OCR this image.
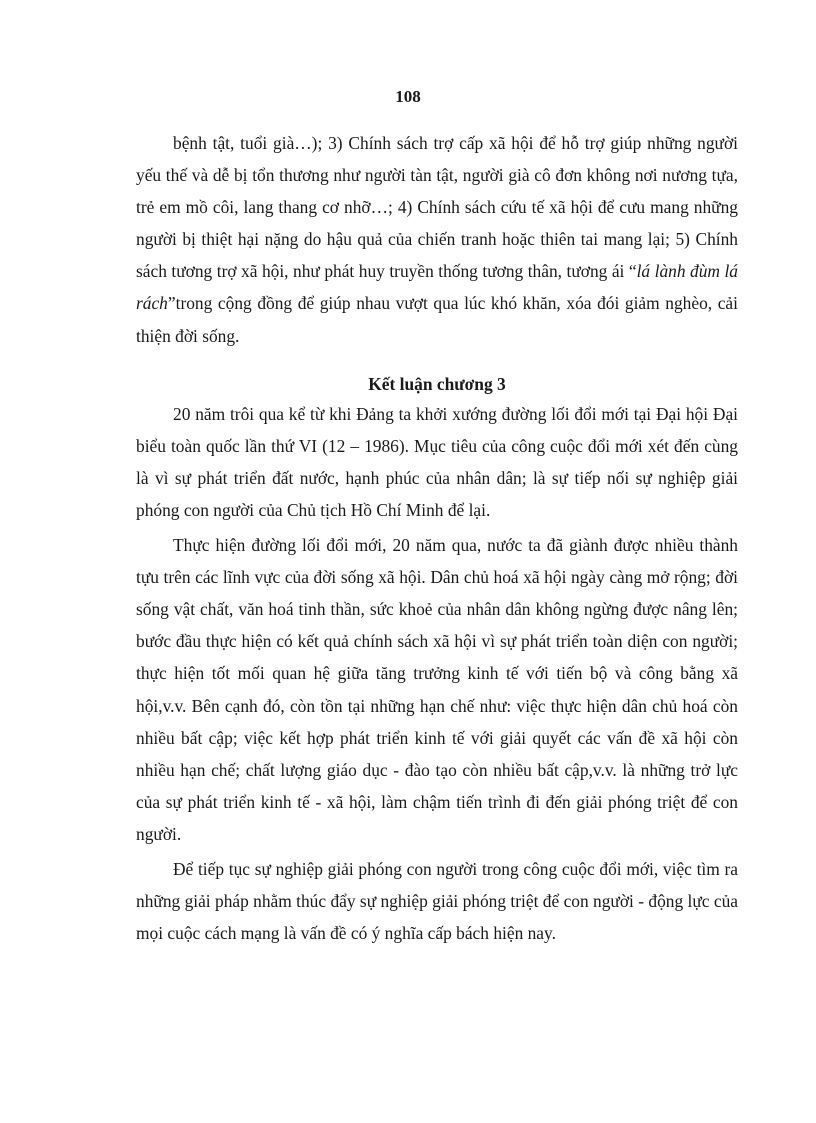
108

bệnh tật, tuổi già…); 3) Chính sách trợ cấp xã hội để hỗ trợ giúp những người yếu thế và dễ bị tổn thương như người tàn tật, người già cô đơn không nơi nương tựa, trẻ em mồ côi, lang thang cơ nhỡ…; 4) Chính sách cứu tế xã hội để cưu mang những người bị thiệt hại nặng do hậu quả của chiến tranh hoặc thiên tai mang lại; 5) Chính sách tương trợ xã hội, như phát huy truyền thống tương thân, tương ái “lá lành đùm lá rách”trong cộng đồng để giúp nhau vượt qua lúc khó khăn, xóa đói giảm nghèo, cải thiện đời sống.

Kết luận chương 3

20 năm trôi qua kể từ khi Đảng ta khởi xướng đường lối đổi mới tại Đại hội Đại biểu toàn quốc lần thứ VI (12 – 1986). Mục tiêu của công cuộc đổi mới xét đến cùng là vì sự phát triển đất nước, hạnh phúc của nhân dân; là sự tiếp nối sự nghiệp giải phóng con người của Chủ tịch Hồ Chí Minh để lại.

Thực hiện đường lối đổi mới, 20 năm qua, nước ta đã giành được nhiều thành tựu trên các lĩnh vực của đời sống xã hội. Dân chủ hoá xã hội ngày càng mở rộng; đời sống vật chất, văn hoá tinh thần, sức khoẻ của nhân dân không ngừng được nâng lên; bước đầu thực hiện có kết quả chính sách xã hội vì sự phát triển toàn diện con người; thực hiện tốt mối quan hệ giữa tăng trưởng kinh tế với tiến bộ và công bằng xã hội,v.v. Bên cạnh đó, còn tồn tại những hạn chế như: việc thực hiện dân chủ hoá còn nhiều bất cập; việc kết hợp phát triển kinh tế với giải quyết các vấn đề xã hội còn nhiều hạn chế; chất lượng giáo dục - đào tạo còn nhiều bất cập,v.v. là những trở lực của sự phát triển kinh tế - xã hội, làm chậm tiến trình đi đến giải phóng triệt để con người.

Để tiếp tục sự nghiệp giải phóng con người trong công cuộc đổi mới, việc tìm ra những giải pháp nhằm thúc đẩy sự nghiệp giải phóng triệt để con người - động lực của mọi cuộc cách mạng là vấn đề có ý nghĩa cấp bách hiện nay.
